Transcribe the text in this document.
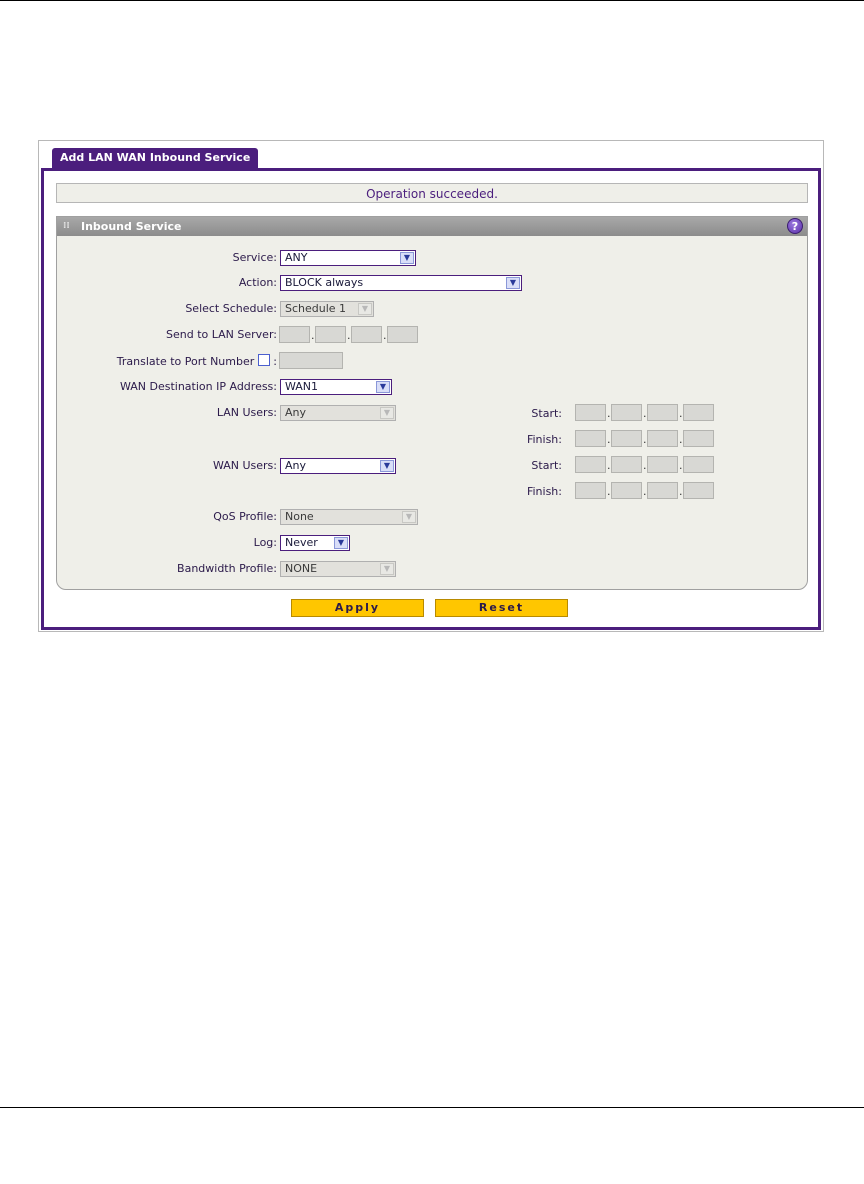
Add LAN WAN Inbound Service
Operation succeeded.
⁞⁞ Inbound Service	?
Service: ANY	▼
Action: BLOCK always	▼
Select Schedule: Schedule 1	▼
Send to LAN Server:	.	.	.
Translate to Port Number :
WAN Destination IP Address: WAN1	▼
LAN Users: Any	▼	Start:	.	.	.
Finish:	.	.	.
WAN Users: Any	▼	Start:	.	.	.
Finish:	.	.	.
QoS Profile: None	▼
Log: Never	▼
Bandwidth Profile: NONE	▼
Apply	Reset
